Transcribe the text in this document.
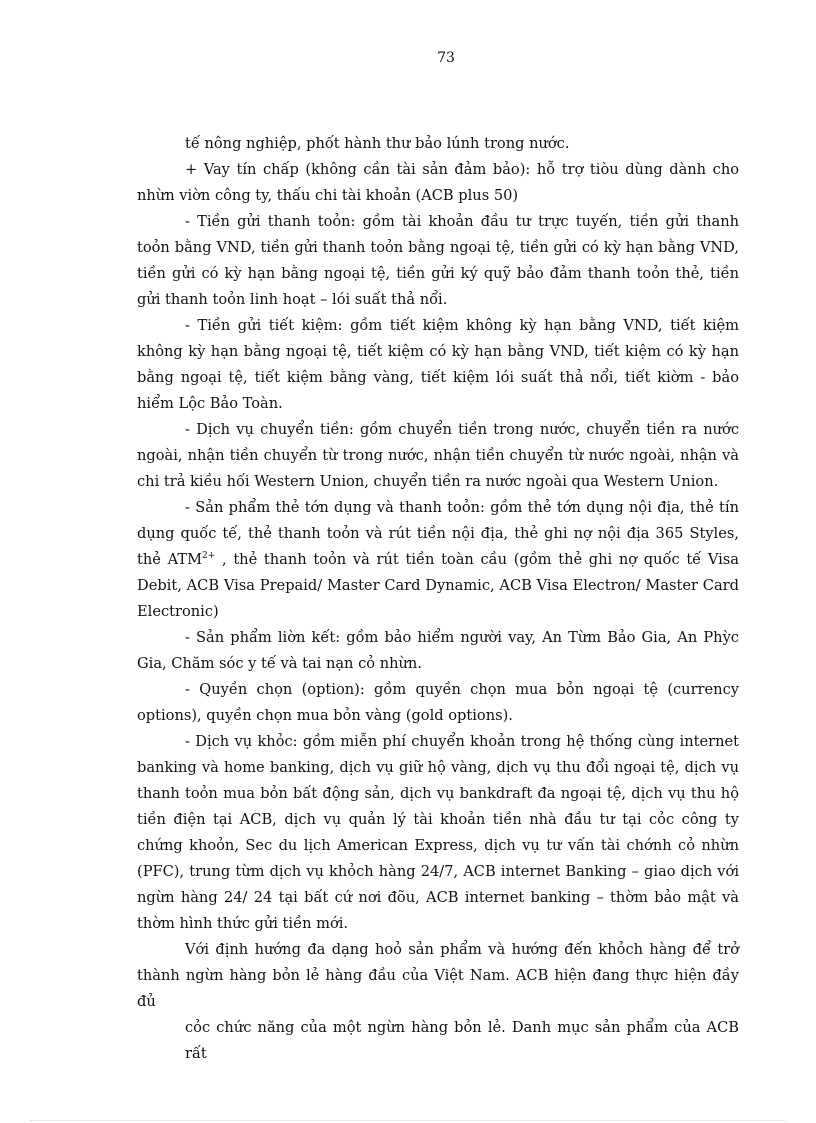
73

tế nông nghiệp, phốt hành thư bảo lúnh trong nước.

+ Vay tín chấp (không cần tài sản đảm bảo): hỗ trợ tiòu dùng dành cho nhừn viờn công ty, thấu chi tài khoản (ACB plus 50)

- Tiền gửi thanh toỏn: gồm tài khoản đầu tư trực tuyến, tiền gửi thanh toỏn bằng VND, tiền gửi thanh toỏn bằng ngoại tệ, tiền gửi có kỳ hạn bằng VND, tiền gửi có kỳ hạn bằng ngoại tệ, tiền gửi ký quỹ bảo đảm thanh toỏn thẻ, tiền gửi thanh toỏn linh hoạt – lói suất thả nổi.

- Tiền gửi tiết kiệm: gồm tiết kiệm không kỳ hạn bằng VND, tiết kiệm không kỳ hạn bằng ngoại tệ, tiết kiệm có kỳ hạn bằng VND, tiết kiệm có kỳ hạn bằng ngoại tệ, tiết kiệm bằng vàng, tiết kiệm lói suất thả nổi, tiết kiờm - bảo hiểm Lộc Bảo Toàn.

- Dịch vụ chuyển tiền: gồm chuyển tiền trong nước, chuyển tiền ra nước ngoài, nhận tiền chuyển từ trong nước, nhận tiền chuyển từ nước ngoài, nhận và chi trả kiều hối Western Union, chuyển tiền ra nước ngoài qua Western Union.

- Sản phẩm thẻ tớn dụng và thanh toỏn: gồm thẻ tớn dụng nội địa, thẻ tín dụng quốc tế, thẻ thanh toỏn và rút tiền nội địa, thẻ ghi nợ nội địa 365 Styles, thẻ $ATM^{2+}$ , thẻ thanh toỏn và rút tiền toàn cầu (gồm thẻ ghi nợ quốc tế Visa Debit, ACB Visa Prepaid/ Master Card Dynamic, ACB Visa Electron/ Master Card Electronic)

- Sản phẩm liờn kết: gồm bảo hiểm người vay, An Từm Bảo Gia, An Phỳc Gia, Chăm sóc y tế và tai nạn cỏ nhừn.

- Quyền chọn (option): gồm quyền chọn mua bỏn ngoại tệ (currency options), quyền chọn mua bỏn vàng (gold options).

- Dịch vụ khỏc: gồm miễn phí chuyển khoản trong hệ thống cùng internet banking và home banking, dịch vụ giữ hộ vàng, dịch vụ thu đổi ngoại tệ, dịch vụ thanh toỏn mua bỏn bất động sản, dịch vụ bankdraft đa ngoại tệ, dịch vụ thu hộ tiền điện tại ACB, dịch vụ quản lý tài khoản tiền nhà đầu tư tại cỏc công ty chứng khoỏn, Sec du lịch American Express, dịch vụ tư vấn tài chớnh cỏ nhừn (PFC), trung từm dịch vụ khỏch hàng 24/7, ACB internet Banking – giao dịch với ngừn hàng 24/ 24 tại bất cứ nơi đõu, ACB internet banking – thờm bảo mật và thờm hình thức gửi tiền mới.

Với định hướng đa dạng hoỏ sản phẩm và hướng đến khỏch hàng để trở thành ngừn hàng bỏn lẻ hàng đầu của Việt Nam. ACB hiện đang thực hiện đầy đủ

cỏc chức năng của một ngừn hàng bỏn lẻ. Danh mục sản phẩm của ACB rất
